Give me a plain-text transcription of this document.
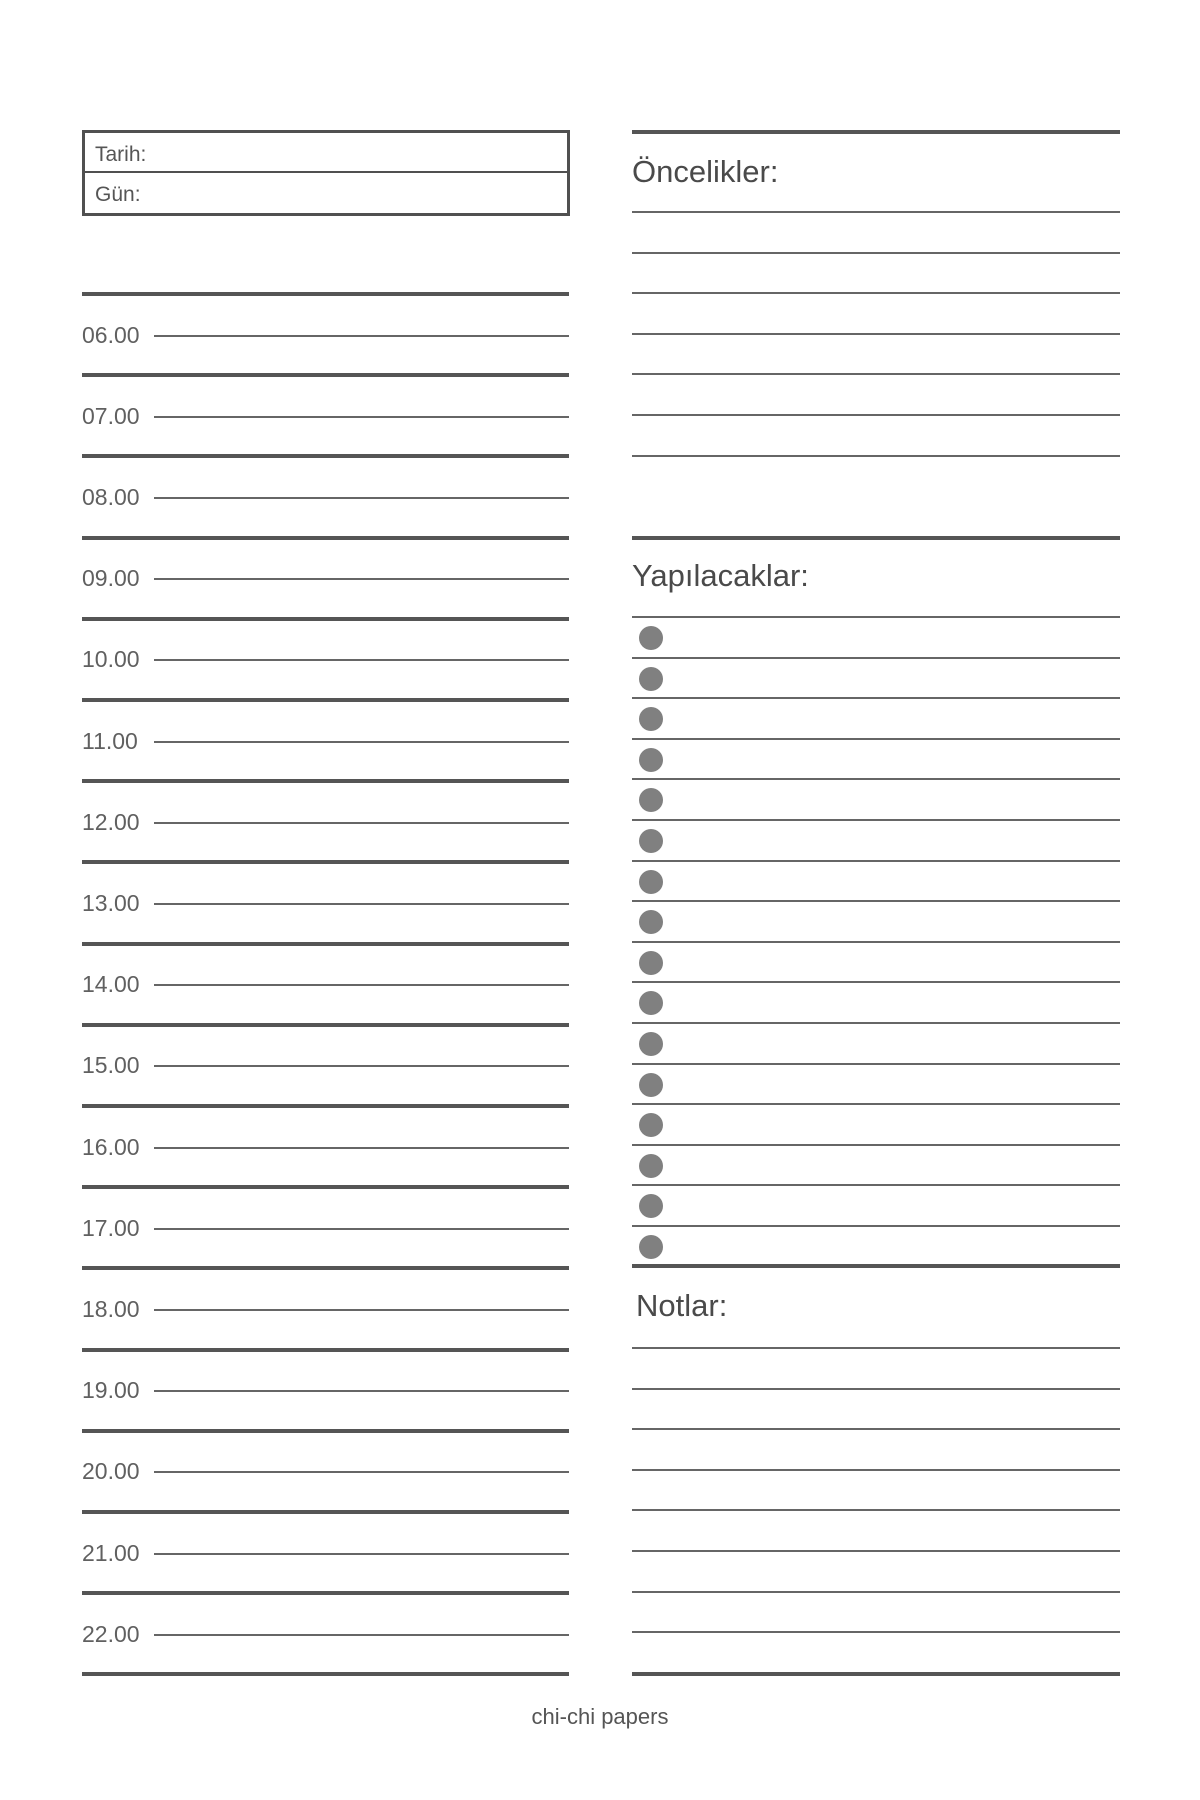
Tarih:
Gün:
06.00
07.00
08.00
09.00
10.00
11.00
12.00
13.00
14.00
15.00
16.00
17.00
18.00
19.00
20.00
21.00
22.00
Öncelikler:
Yapılacaklar:
Notlar:
chi-chi papers
